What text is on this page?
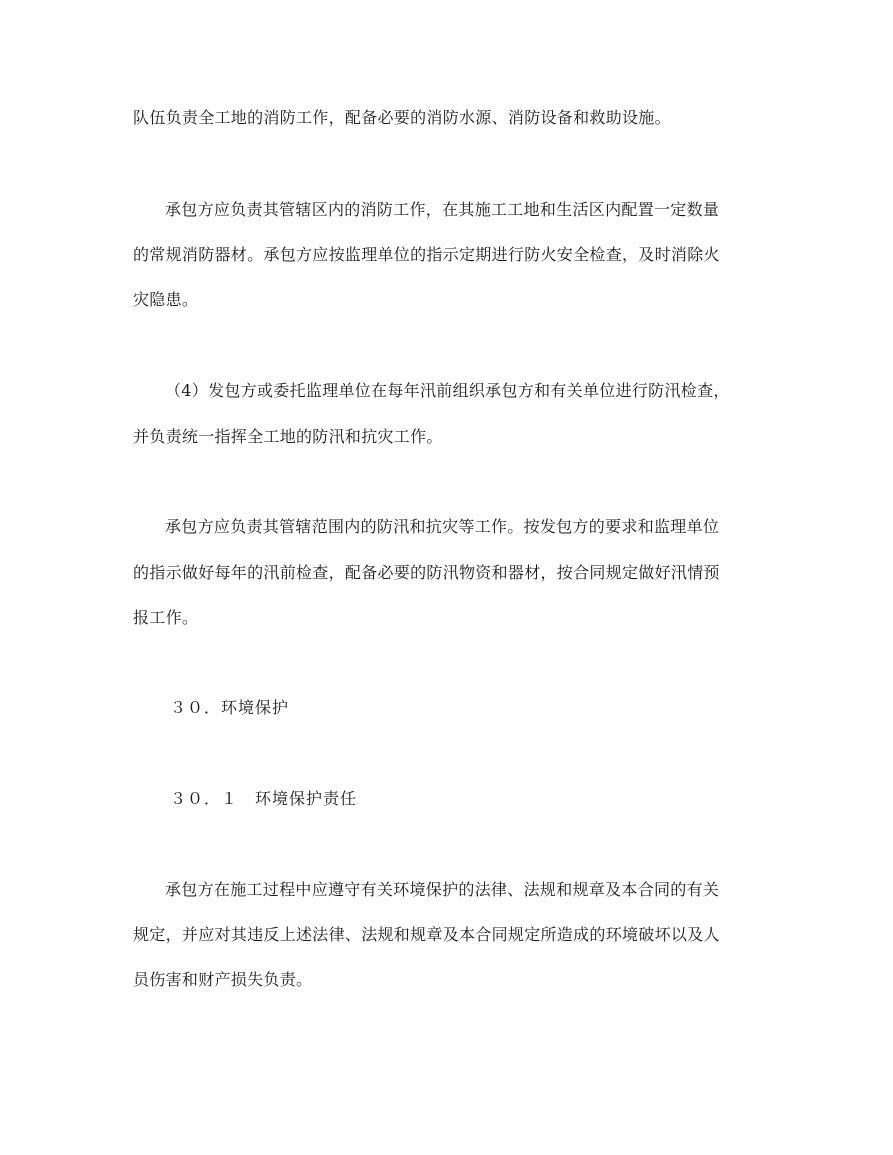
队伍负责全工地的消防工作，配备必要的消防水源、消防设备和救助设施。
承包方应负责其管辖区内的消防工作，在其施工工地和生活区内配置一定数量
的常规消防器材。承包方应按监理单位的指示定期进行防火安全检查，及时消除火
灾隐患。
（4）发包方或委托监理单位在每年汛前组织承包方和有关单位进行防汛检查，
并负责统一指挥全工地的防汛和抗灾工作。
承包方应负责其管辖范围内的防汛和抗灾等工作。按发包方的要求和监理单位
的指示做好每年的汛前检查，配备必要的防汛物资和器材，按合同规定做好汛情预
报工作。
３０．环境保护
３０．１　环境保护责任
承包方在施工过程中应遵守有关环境保护的法律、法规和规章及本合同的有关
规定，并应对其违反上述法律、法规和规章及本合同规定所造成的环境破坏以及人
员伤害和财产损失负责。
